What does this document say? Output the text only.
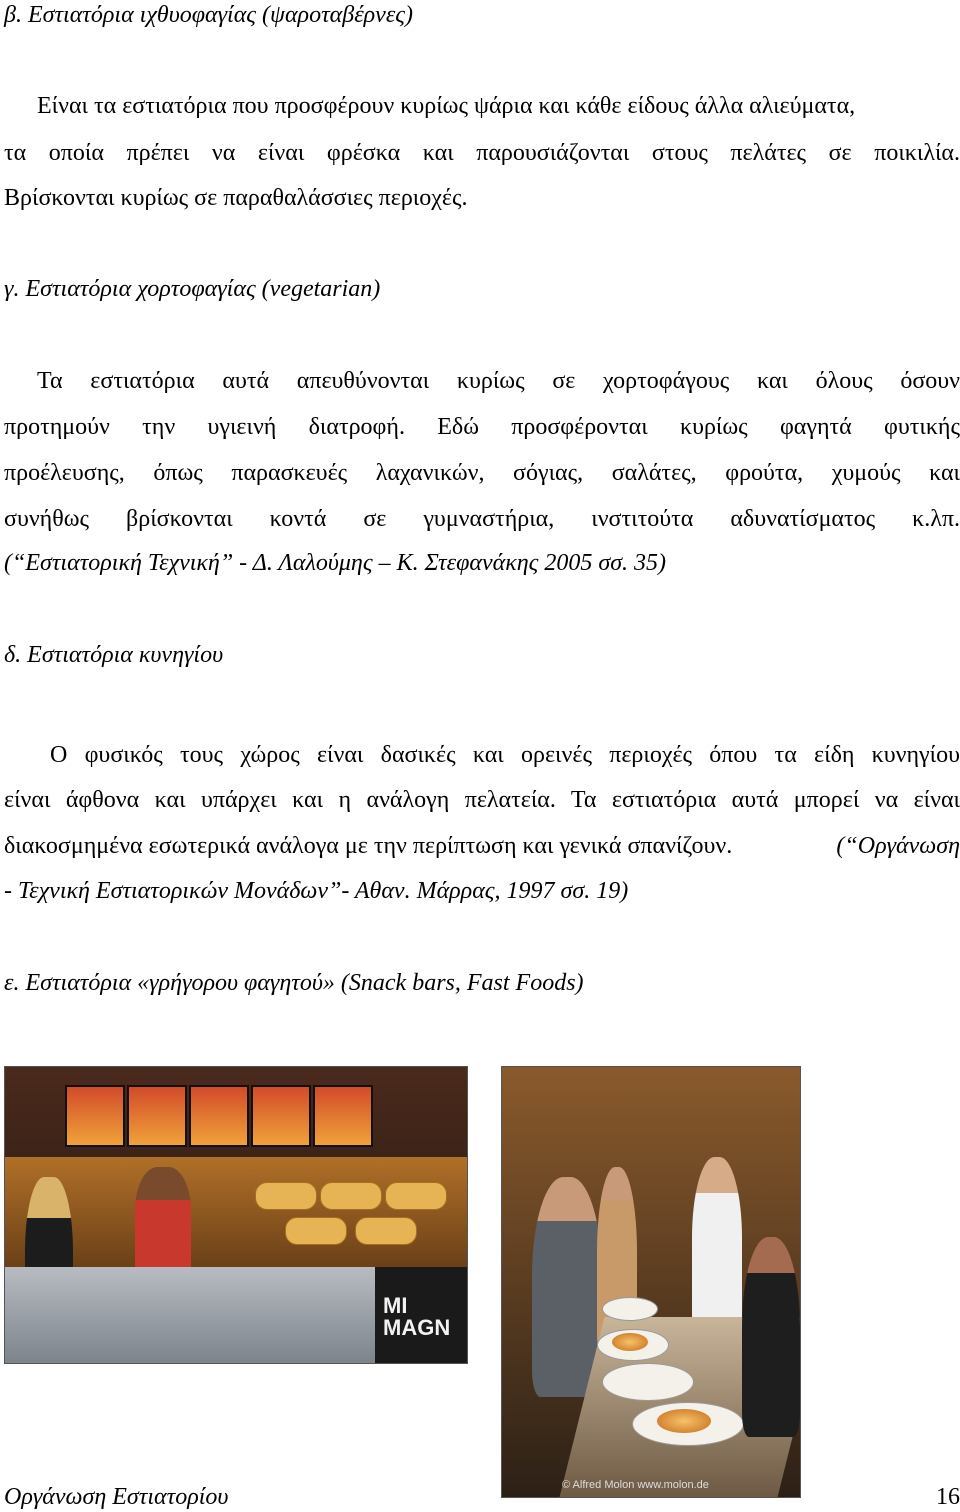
β. Εστιατόρια ιχθυοφαγίας (ψαροταβέρνες)
Είναι τα εστιατόρια που προσφέρουν κυρίως ψάρια και κάθε είδους άλλα αλιεύματα,
τα οποία πρέπει να είναι φρέσκα και παρουσιάζονται στους πελάτες σε ποικιλία.
Βρίσκονται κυρίως σε παραθαλάσσιες περιοχές.
γ. Εστιατόρια χορτοφαγίας (vegetarian)
Τα εστιατόρια αυτά απευθύνονται κυρίως σε χορτοφάγους και όλους όσουν
προτημούν την υγιεινή διατροφή. Εδώ προσφέρονται κυρίως φαγητά φυτικής
προέλευσης, όπως παρασκευές λαχανικών, σόγιας, σαλάτες, φρούτα, χυμούς και
συνήθως βρίσκονται κοντά σε γυμναστήρια, ινστιτούτα αδυνατίσματος κ.λπ.
(“Εστιατορική Τεχνική” - Δ. Λαλούμης – Κ. Στεφανάκης 2005 σσ. 35)
δ. Εστιατόρια κυνηγίου
Ο φυσικός τους χώρος είναι δασικές και ορεινές περιοχές όπου τα είδη κυνηγίου
είναι άφθονα και υπάρχει και η ανάλογη πελατεία. Τα εστιατόρια αυτά μπορεί να είναι
διακοσμημένα εσωτερικά ανάλογα με την περίπτωση και γενικά σπανίζουν.	(“Οργάνωση
- Τεχνική Εστιατορικών Μονάδων”- Αθαν. Μάρρας, 1997 σσ. 19)
ε. Εστιατόρια «γρήγορου φαγητού» (Snack bars, Fast Foods)
MI
MAGN
© Alfred Molon www.molon.de
Οργάνωση Εστιατορίου	16
